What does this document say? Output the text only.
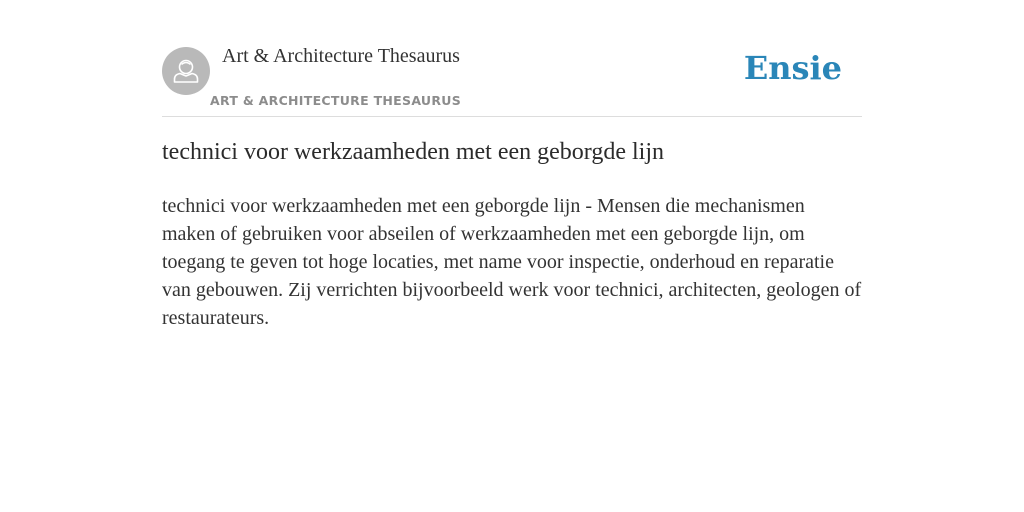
Art & Architecture Thesaurus
ART & ARCHITECTURE THESAURUS
Ensie
technici voor werkzaamheden met een geborgde lijn

technici voor werkzaamheden met een geborgde lijn - Mensen die mechanismen maken of gebruiken voor abseilen of werkzaamheden met een geborgde lijn, om toegang te geven tot hoge locaties, met name voor inspectie, onderhoud en reparatie van gebouwen. Zij verrichten bijvoorbeeld werk voor technici, architecten, geologen of restaurateurs.
